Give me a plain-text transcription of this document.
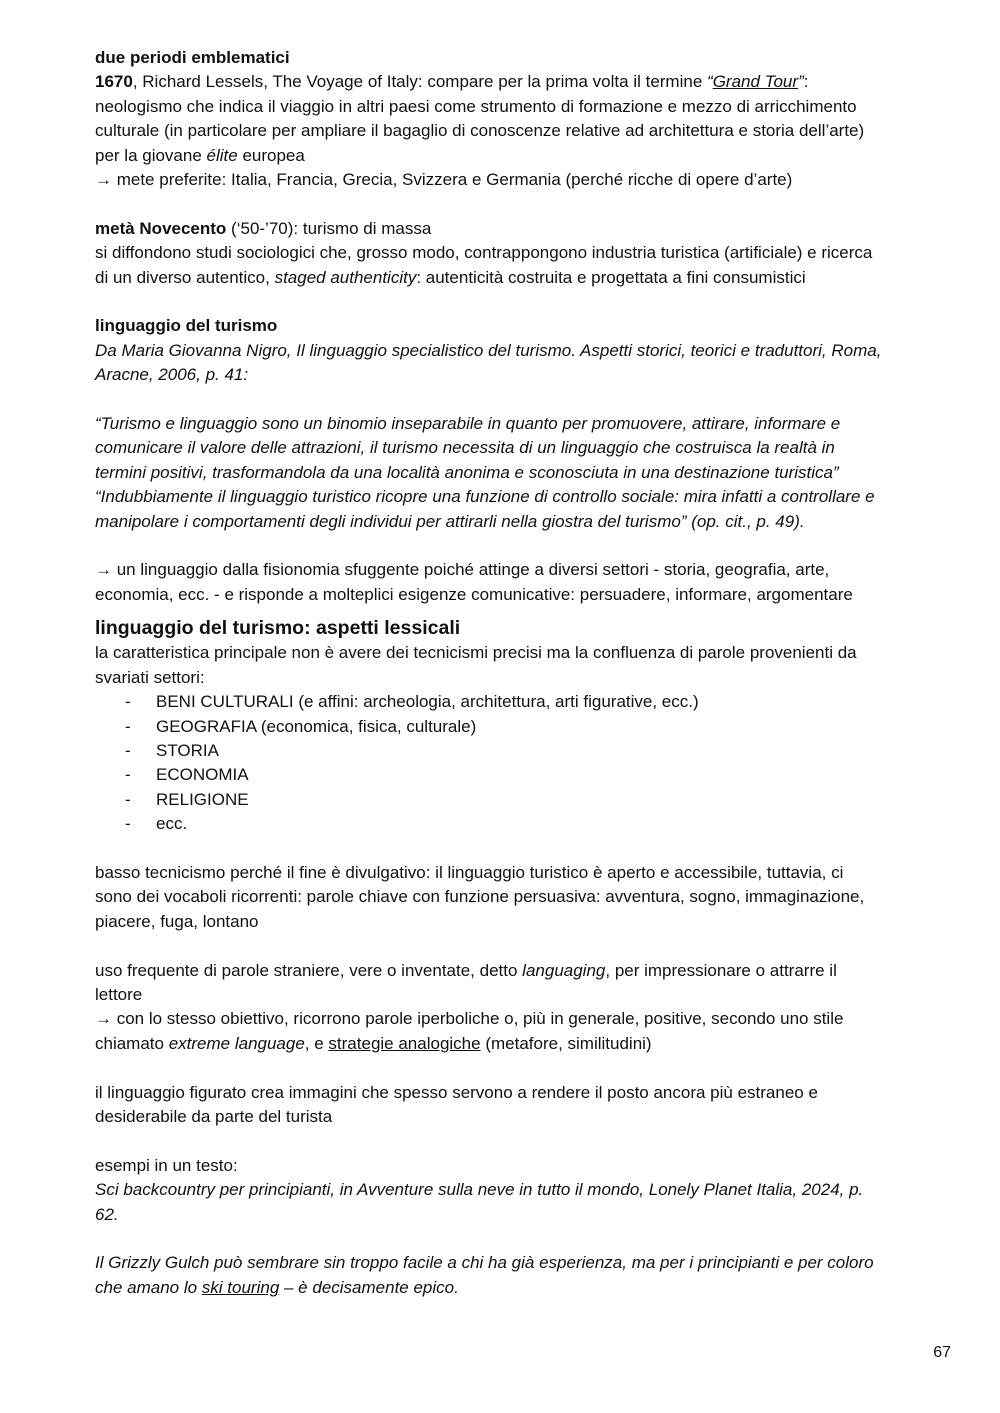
due periodi emblematici

1670, Richard Lessels, The Voyage of Italy: compare per la prima volta il termine “Grand Tour”:

neologismo che indica il viaggio in altri paesi come strumento di formazione e mezzo di arricchimento

culturale (in particolare per ampliare il bagaglio di conoscenze relative ad architettura e storia dell’arte)

per la giovane élite europea

→ mete preferite: Italia, Francia, Grecia, Svizzera e Germania (perché ricche di opere d’arte)

metà Novecento (‘50-’70): turismo di massa

si diffondono studi sociologici che, grosso modo, contrappongono industria turistica (artificiale) e ricerca

di un diverso autentico, staged authenticity: autenticità costruita e progettata a fini consumistici

linguaggio del turismo

Da Maria Giovanna Nigro, Il linguaggio specialistico del turismo. Aspetti storici, teorici e traduttori, Roma,

Aracne, 2006, p. 41:

“Turismo e linguaggio sono un binomio inseparabile in quanto per promuovere, attirare, informare e

comunicare il valore delle attrazioni, il turismo necessita di un linguaggio che costruisca la realtà in

termini positivi, trasformandola da una località anonima e sconosciuta in una destinazione turistica”

“Indubbiamente il linguaggio turistico ricopre una funzione di controllo sociale: mira infatti a controllare e

manipolare i comportamenti degli individui per attirarli nella giostra del turismo” (op. cit., p. 49).

→ un linguaggio dalla fisionomia sfuggente poiché attinge a diversi settori - storia, geografia, arte,

economia, ecc. - e risponde a molteplici esigenze comunicative: persuadere, informare, argomentare

linguaggio del turismo: aspetti lessicali

la caratteristica principale non è avere dei tecnicismi precisi ma la confluenza di parole provenienti da

svariati settori:

- BENI CULTURALI (e affini: archeologia, architettura, arti figurative, ecc.)
- GEOGRAFIA (economica, fisica, culturale)
- STORIA
- ECONOMIA
- RELIGIONE
- ecc.

basso tecnicismo perché il fine è divulgativo: il linguaggio turistico è aperto e accessibile, tuttavia, ci

sono dei vocaboli ricorrenti: parole chiave con funzione persuasiva: avventura, sogno, immaginazione,

piacere, fuga, lontano

uso frequente di parole straniere, vere o inventate, detto languaging, per impressionare o attrarre il

lettore

→ con lo stesso obiettivo, ricorrono parole iperboliche o, più in generale, positive, secondo uno stile

chiamato extreme language, e strategie analogiche (metafore, similitudini)

il linguaggio figurato crea immagini che spesso servono a rendere il posto ancora più estraneo e

desiderabile da parte del turista

esempi in un testo:

Sci backcountry per principianti, in Avventure sulla neve in tutto il mondo, Lonely Planet Italia, 2024, p.

62.

Il Grizzly Gulch può sembrare sin troppo facile a chi ha già esperienza, ma per i principianti e per coloro

che amano lo ski touring – è decisamente epico.

67
